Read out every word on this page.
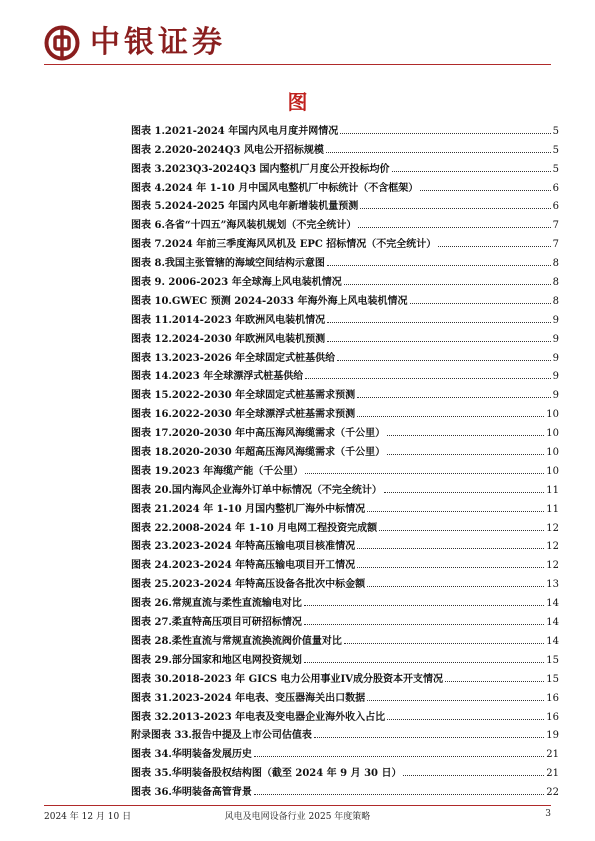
中银证券
图
图表 1.2021-2024 年国内风电月度并网情况	5
图表 2.2020-2024Q3 风电公开招标规模	5
图表 3.2023Q3-2024Q3 国内整机厂月度公开投标均价	5
图表 4.2024 年 1-10 月中国风电整机厂中标统计（不含框架）	6
图表 5.2024-2025 年国内风电年新增装机量预测	6
图表 6.各省“十四五”海风装机规划（不完全统计）	7
图表 7.2024 年前三季度海风风机及 EPC 招标情况（不完全统计）	7
图表 8.我国主张管辖的海域空间结构示意图	8
图表 9. 2006-2023 年全球海上风电装机情况	8
图表 10.GWEC 预测 2024-2033 年海外海上风电装机情况	8
图表 11.2014-2023 年欧洲风电装机情况	9
图表 12.2024-2030 年欧洲风电装机预测	9
图表 13.2023-2026 年全球固定式桩基供给	9
图表 14.2023 年全球漂浮式桩基供给	9
图表 15.2022-2030 年全球固定式桩基需求预测	9
图表 16.2022-2030 年全球漂浮式桩基需求预测	10
图表 17.2020-2030 年中高压海风海缆需求（千公里）	10
图表 18.2020-2030 年超高压海风海缆需求（千公里）	10
图表 19.2023 年海缆产能（千公里）	10
图表 20.国内海风企业海外订单中标情况（不完全统计）	11
图表 21.2024 年 1-10 月国内整机厂海外中标情况	11
图表 22.2008-2024 年 1-10 月电网工程投资完成额	12
图表 23.2023-2024 年特高压输电项目核准情况	12
图表 24.2023-2024 年特高压输电项目开工情况	12
图表 25.2023-2024 年特高压设备各批次中标金额	13
图表 26.常规直流与柔性直流输电对比	14
图表 27.柔直特高压项目可研招标情况	14
图表 28.柔性直流与常规直流换流阀价值量对比	14
图表 29.部分国家和地区电网投资规划	15
图表 30.2018-2023 年 GICS 电力公用事业IV成分股资本开支情况	15
图表 31.2023-2024 年电表、变压器海关出口数据	16
图表 32.2013-2023 年电表及变电器企业海外收入占比	16
附录图表 33.报告中提及上市公司估值表	19
图表 34.华明装备发展历史	21
图表 35.华明装备股权结构图（截至 2024 年 9 月 30 日）	21
图表 36.华明装备高管背景	22
2024 年 12 月 10 日	风电及电网设备行业 2025 年度策略	3
